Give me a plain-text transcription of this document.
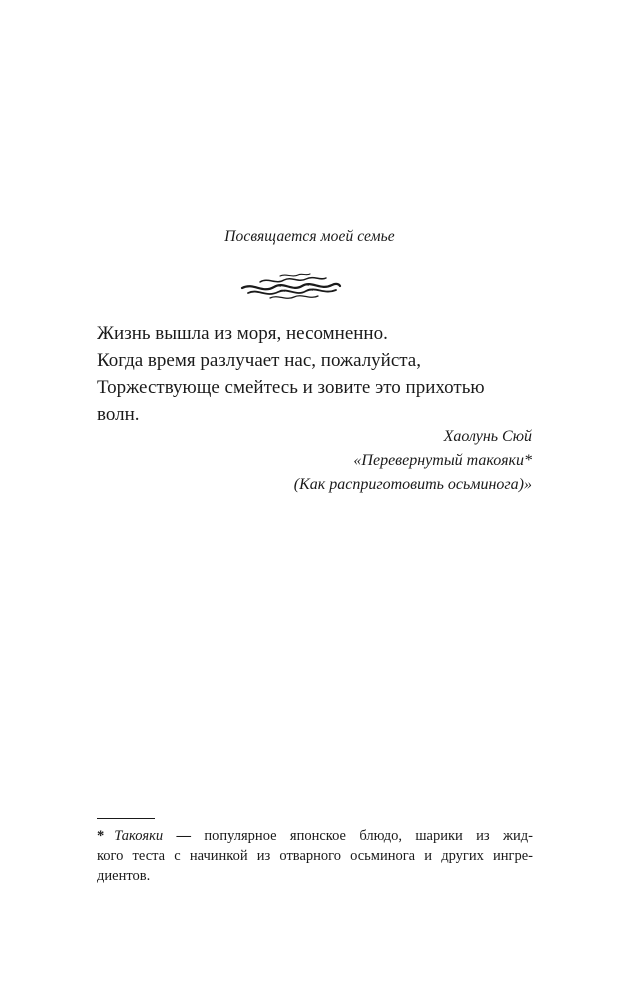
Посвящается моей семье
Жизнь вышла из моря, несомненно.
Когда время разлучает нас, пожалуйста,
Торжествующе смейтесь и зовите это прихотью
волн.
Хаолунь Сюй
«Перевернутый такояки*
(Как расприготовить осьминога)»
* Такояки — популярное японское блюдо, шарики из жид-
кого теста с начинкой из отварного осьминога и других ингре-
диентов.
